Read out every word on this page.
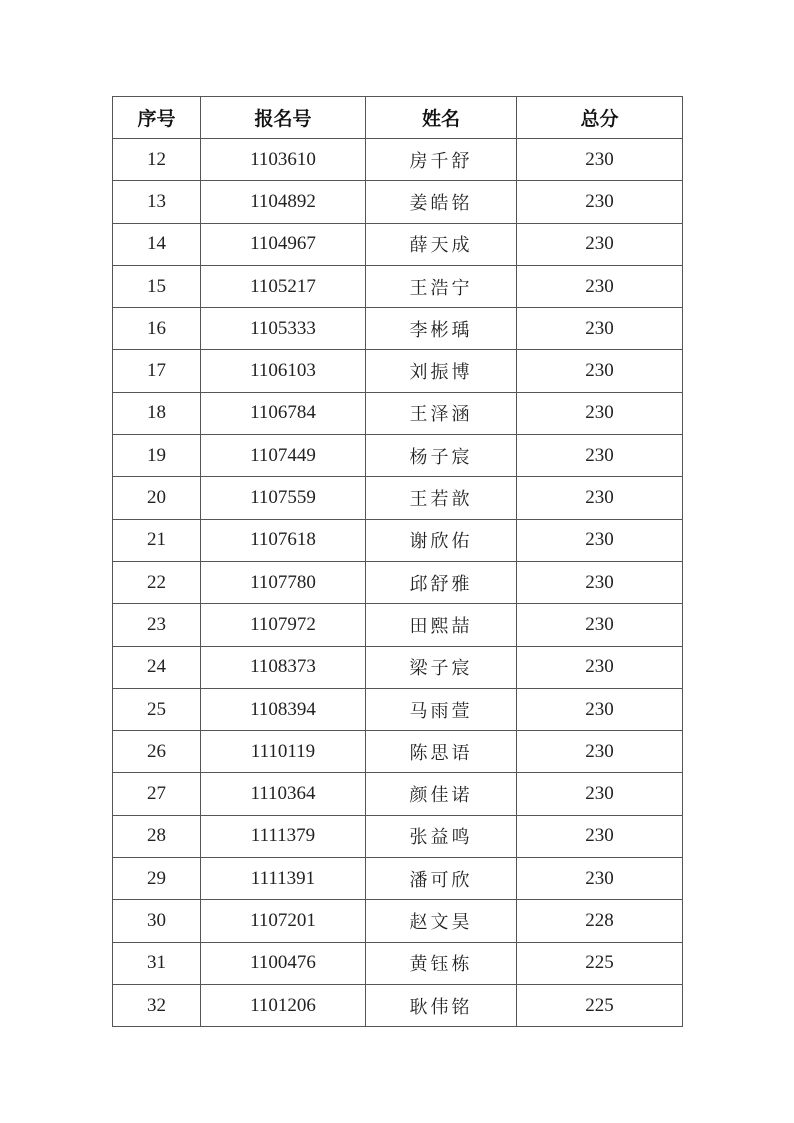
序号	报名号	姓名	总分
12	1103610	房千舒	230
13	1104892	姜皓铭	230
14	1104967	薛天成	230
15	1105217	王浩宁	230
16	1105333	李彬瑀	230
17	1106103	刘振博	230
18	1106784	王泽涵	230
19	1107449	杨子宸	230
20	1107559	王若歆	230
21	1107618	谢欣佑	230
22	1107780	邱舒雅	230
23	1107972	田熙喆	230
24	1108373	梁子宸	230
25	1108394	马雨萱	230
26	1110119	陈思语	230
27	1110364	颜佳诺	230
28	1111379	张益鸣	230
29	1111391	潘可欣	230
30	1107201	赵文昊	228
31	1100476	黄钰栋	225
32	1101206	耿伟铭	225
